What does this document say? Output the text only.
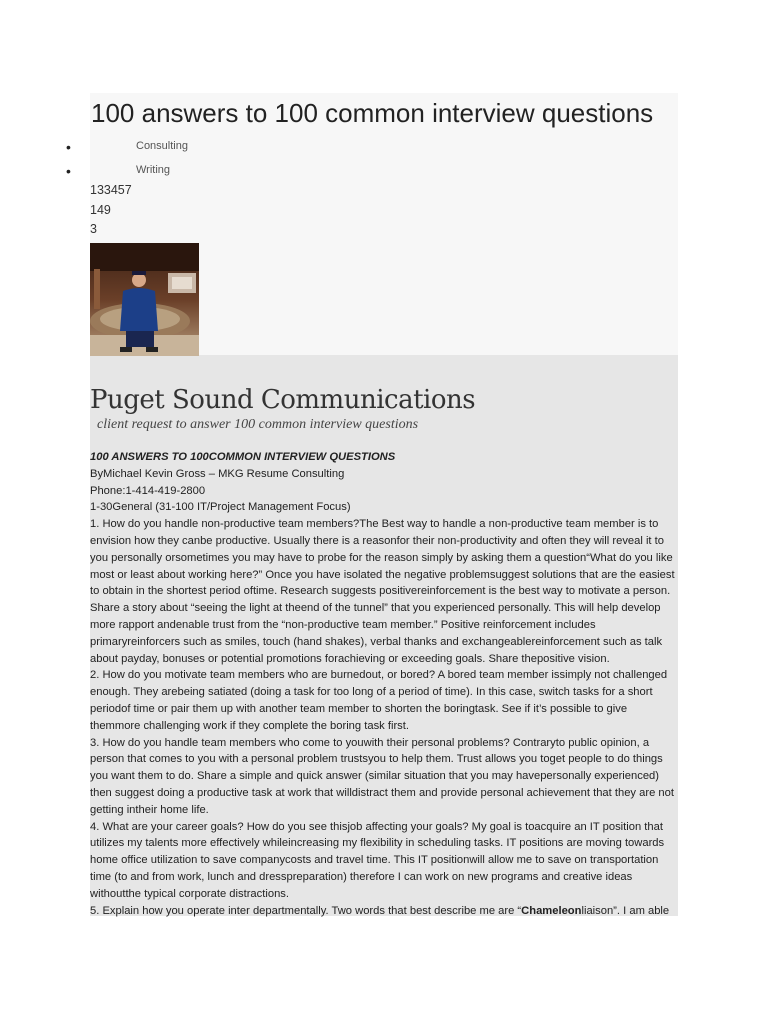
100 answers to 100 common interview questions
•	Consulting
•	Writing
133457
149
3
Puget Sound Communications
client request to answer 100 common interview questions

100 ANSWERS TO 100COMMON INTERVIEW QUESTIONS

ByMichael Kevin Gross – MKG Resume Consulting

Phone:1-414-419-2800

1-30General (31-100 IT/Project Management Focus)

1. How do you handle non-productive team members?The Best way to handle a non-productive team member is to envision how they canbe productive. Usually there is a reasonfor their non-productivity and often they will reveal it to you personally orsometimes you may have to probe for the reason simply by asking them a question“What do you like most or least about working here?” Once you have isolated the negative problemsuggest solutions that are the easiest to obtain in the shortest period oftime. Research suggests positivereinforcement is the best way to motivate a person. Share a story about “seeing the light at theend of the tunnel” that you experienced personally. This will help develop more rapport andenable trust from the “non-productive team member.” Positive reinforcement includes primaryreinforcers such as smiles, touch (hand shakes), verbal thanks and exchangeablereinforcement such as talk about payday, bonuses or potential promotions forachieving or exceeding goals. Share thepositive vision.

2. How do you motivate team members who are burnedout, or bored? A bored team member issimply not challenged enough. They arebeing satiated (doing a task for too long of a period of time). In this case, switch tasks for a short periodof time or pair them up with another team member to shorten the boringtask. See if it’s possible to give themmore challenging work if they complete the boring task first.

3. How do you handle team members who come to youwith their personal problems? Contraryto public opinion, a person that comes to you with a personal problem trustsyou to help them. Trust allows you toget people to do things you want them to do. Share a simple and quick answer (similar situation that you may havepersonally experienced) then suggest doing a productive task at work that willdistract them and provide personal achievement that they are not getting intheir home life.

4. What are your career goals? How do you see thisjob affecting your goals? My goal is toacquire an IT position that utilizes my talents more effectively whileincreasing my flexibility in scheduling tasks. IT positions are moving towards home office utilization to save companycosts and travel time. This IT positionwill allow me to save on transportation time (to and from work, lunch and dresspreparation) therefore I can work on new programs and creative ideas withoutthe typical corporate distractions.

5. Explain how you operate inter departmentally. Two words that best describe me are “Chameleonliaison”. I am able
